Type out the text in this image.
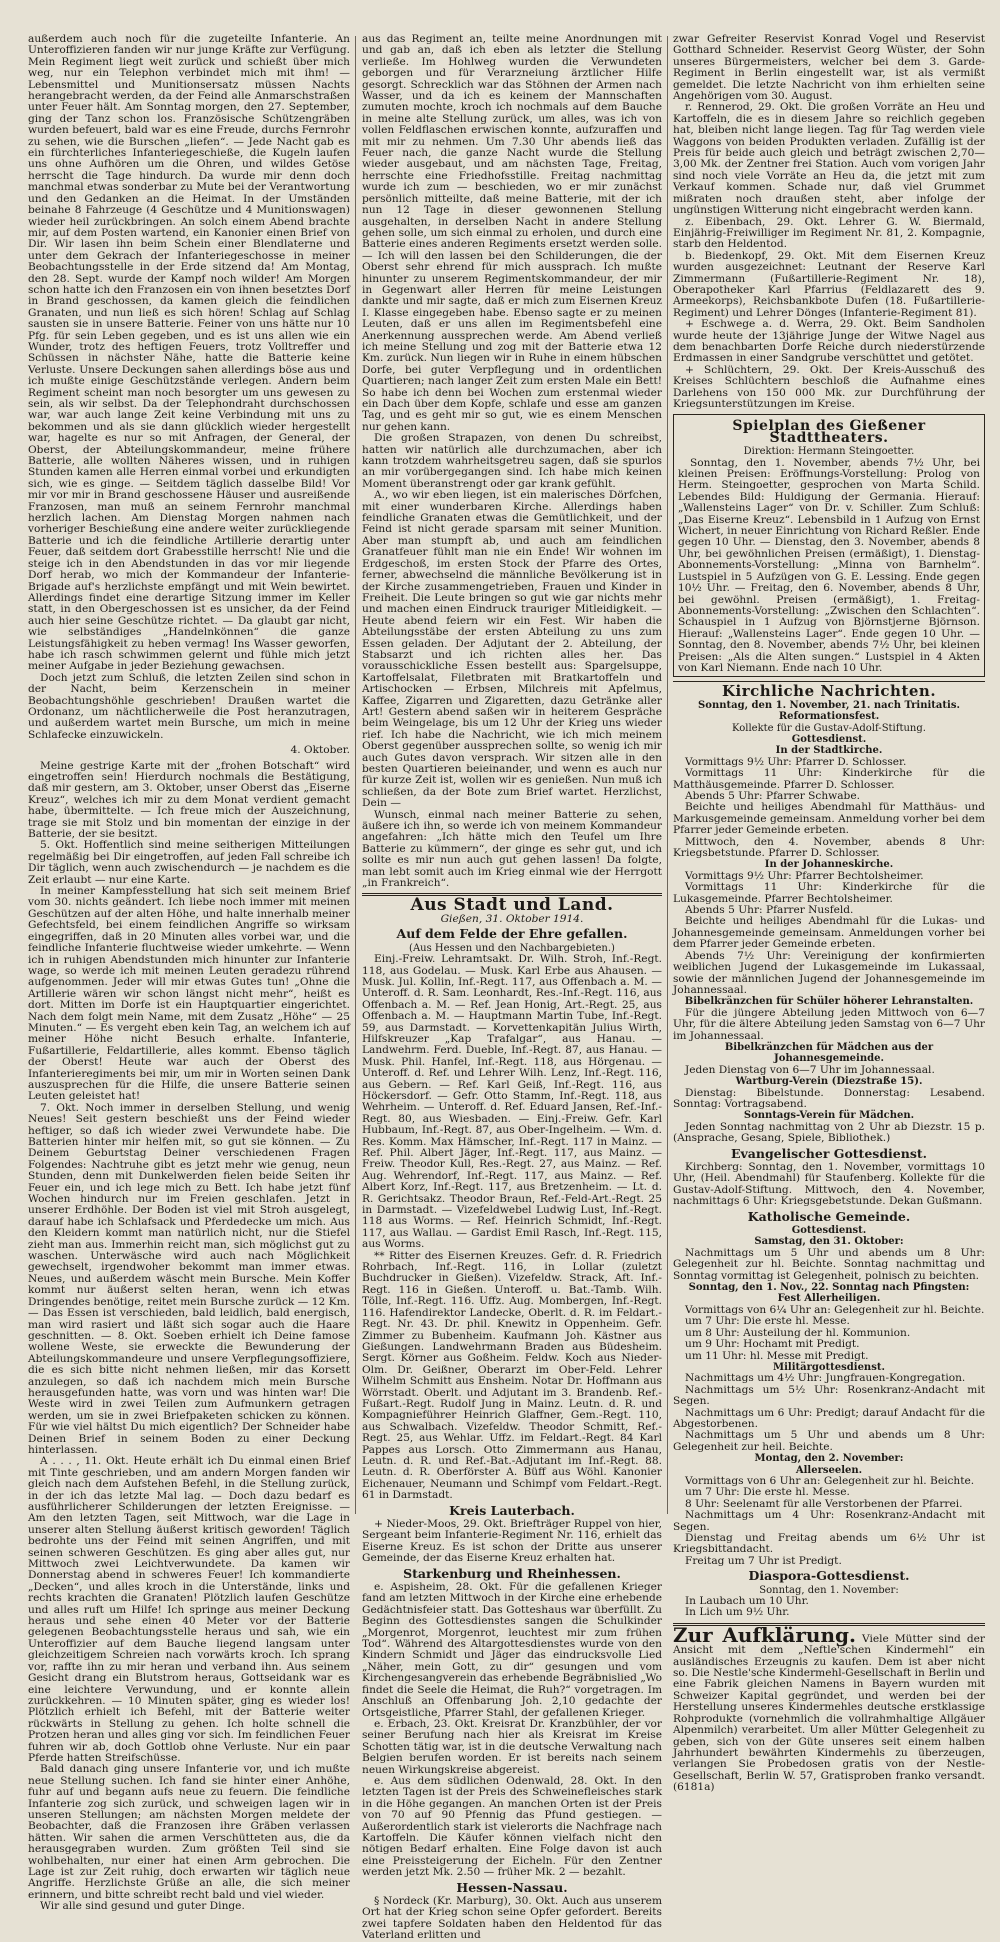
außerdem auch noch für die zugeteilte Infanterie. An Unteroffizieren fanden wir nur junge Kräfte zur Verfügung. Mein Regiment liegt weit zurück und schießt über mich weg, nur ein Telephon verbindet mich mit ihm! — Lebensmittel und Munitionsersatz müssen Nachts herangebracht werden, da der Feind alle Anmarschstraßen unter Feuer hält. Am Sonntag morgen, den 27. September, ging der Tanz schon los. Französische Schützengräben wurden befeuert, bald war es eine Freude, durchs Fernrohr zu sehen, wie die Burschen „liefen“. — Jede Nacht gab es ein fürchterliches Infanteriegeschieße, die Kugeln laufen uns ohne Aufhören um die Ohren, und wildes Getöse herrscht die Tage hindurch. Da wurde mir denn doch manchmal etwas sonderbar zu Mute bei der Verantwortung und den Gedanken an die Heimat. In der Umständen beinahe 8 Fahrzeuge (4 Geschütze und 4 Munitionswagen) wieder heil zurückbringen. An solch einem Abend brachte mir, auf dem Posten wartend, ein Kanonier einen Brief von Dir. Wir lasen ihn beim Schein einer Blendlaterne und unter dem Gekrach der Infanteriegeschosse in meiner Beobachtungsstelle in der Erde sitzend da! Am Montag, den 28. Sept. wurde der Kampf noch wilder! Am Morgen schon hatte ich den Franzosen ein von ihnen besetztes Dorf in Brand geschossen, da kamen gleich die feindlichen Granaten, und nun ließ es sich hören! Schlag auf Schlag sausten sie in unsere Batterie. Feiner von uns hätte nur 10 Pfg. für sein Leben gegeben, und es ist uns allen wie ein Wunder, trotz des heftigen Feuers, trotz Volltreffer und Schüssen in nächster Nähe, hatte die Batterie keine Verluste. Unsere Deckungen sahen allerdings böse aus und ich mußte einige Geschützstände verlegen. Andern beim Regiment scheint man noch besorgter um uns gewesen zu sein, als wir selbst. Da der Telephondraht durchschossen war, war auch lange Zeit keine Verbindung mit uns zu bekommen und als sie dann glücklich wieder hergestellt war, hagelte es nur so mit Anfragen, der General, der Oberst, der Abteilungskommandeur, meine frühere Batterie, alle wollten Näheres wissen, und in ruhigen Stunden kamen alle Herren einmal vorbei und erkundigten sich, wie es ginge. — Seitdem täglich dasselbe Bild! Vor mir vor mir in Brand geschossene Häuser und ausreißende Franzosen, man muß an seinem Fernrohr manchmal herzlich lachen. Am Dienstag Morgen nahmen nach vorheriger Beschießung eine andere weiter zurückliegende Batterie und ich die feindliche Artillerie derartig unter Feuer, daß seitdem dort Grabesstille herrscht! Nie und die steige ich in den Abendstunden in das vor mir liegende Dorf herab, wo mich der Kommandeur der Infanterie-Brigade auf's herzlichste empfängt und mit Wein bewirtet. Allerdings findet eine derartige Sitzung immer im Keller statt, in den Obergeschossen ist es unsicher, da der Feind auch hier seine Geschütze richtet. — Da glaubt gar nicht, wie selbständiges „Handelnkönnen“ die ganze Leistungsfähigkeit zu heben vermag! Ins Wasser geworfen, habe ich rasch schwimmen gelernt und fühle mich jetzt meiner Aufgabe in jeder Beziehung gewachsen.

Doch jetzt zum Schluß, die letzten Zeilen sind schon in der Nacht, beim Kerzenschein in meiner Beobachtungshöhle geschrieben! Draußen wartet die Ordonanz, um nächtlicherweile die Post heranzutragen, und außerdem wartet mein Bursche, um mich in meine Schlafecke einzuwickeln.

4. Oktober.

Meine gestrige Karte mit der „frohen Botschaft“ wird eingetroffen sein! Hierdurch nochmals die Bestätigung, daß mir gestern, am 3. Oktober, unser Oberst das „Eiserne Kreuz“, welches ich mir zu dem Monat verdient gemacht habe, übermittelte. — Ich freue mich der Auszeichnung, trage sie mit Stolz und bin momentan der einzige in der Batterie, der sie besitzt.

5. Okt. Hoffentlich sind meine seitherigen Mitteilungen regelmäßig bei Dir eingetroffen, auf jeden Fall schreibe ich Dir täglich, wenn auch zwischendurch — je nachdem es die Zeit erlaubt — nur eine Karte.

In meiner Kampfesstellung hat sich seit meinem Brief vom 30. nichts geändert. Ich liebe noch immer mit meinen Geschützen auf der alten Höhe, und halte innerhalb meiner Gefechtsfeld, bei einem feindlichen Angriffe so wirksam eingegriffen, daß in 20 Minuten alles vorbei war, und die feindliche Infanterie fluchtweise wieder umkehrte. — Wenn ich in ruhigen Abendstunden mich hinunter zur Infanterie wage, so werde ich mit meinen Leuten geradezu rührend aufgenommen. Jeder will mir etwas Gutes tun! „Ohne die Artillerie wären wir schon längst nicht mehr“, heißt es dort. Mitten im Dorfe ist ein Hauptquartier eingerichtet. Nach dem folgt mein Name, mit dem Zusatz „Höhe“ — 25 Minuten.“ — Es vergeht eben kein Tag, an welchem ich auf meiner Höhe nicht Besuch erhalte. Infanterie, Fußartillerie, Feldartillerie, alles kommt. Ebenso täglich der Oberst! Heute war auch der Oberst des Infanterieregiments bei mir, um mir in Worten seinen Dank auszusprechen für die Hilfe, die unsere Batterie seinen Leuten geleistet hat!

7. Okt. Noch immer in derselben Stellung, und wenig Neues! Seit gestern beschießt uns der Feind wieder heftiger, so daß ich wieder zwei Verwundete habe. Die Batterien hinter mir helfen mit, so gut sie können. — Zu Deinem Geburtstag Deiner verschiedenen Fragen Folgendes: Nachtruhe gibt es jetzt mehr wie genug, neun Stunden, denn mit Dunkelwerden fielen beide Seiten ihr Feuer ein, und ich lege mich zu Bett. Ich habe jetzt fünf Wochen hindurch nur im Freien geschlafen. Jetzt in unserer Erdhöhle. Der Boden ist viel mit Stroh ausgelegt, darauf habe ich Schlafsack und Pferdedecke um mich. Aus den Kleidern kommt man natürlich nicht, nur die Stiefel zieht man aus. Immerhin reicht man, sich möglichst gut zu waschen. Unterwäsche wird auch nach Möglichkeit gewechselt, irgendwoher bekommt man immer etwas. Neues, und außerdem wäscht mein Bursche. Mein Koffer kommt nur äußerst selten heran, wenn ich etwas Dringendes benötige, reitet mein Bursche zurück — 12 Km. — Das Essen ist verschieden, bald leidlich, bald energisch, man wird rasiert und läßt sich sogar auch die Haare geschnitten. — 8. Okt. Soeben erhielt ich Deine famose wollene Weste, sie erweckte die Bewunderung der Abteilungskommandeure und unsere Verpflegungsoffiziere, die es sich bitte nicht nehmen ließen, mir das Korsett anzulegen, so daß ich nachdem mich mein Bursche herausgefunden hatte, was vorn und was hinten war! Die Weste wird in zwei Teilen zum Aufmunkern getragen werden, um sie in zwei Briefpaketen schicken zu können. Für wie viel hältst Du mich eigentlich? Der Schneider habe Deinen Brief in seinem Boden zu einer Deckung hinterlassen.

A . . . , 11. Okt. Heute erhält ich Du einmal einen Brief mit Tinte geschrieben, und am andern Morgen fanden wir gleich nach dem Aufstehen Befehl, in die Stellung zurück, in der ich das letzte Mal lag. — Doch dazu bedarf es ausführlicherer Schilderungen der letzten Ereignisse. — Am den letzten Tagen, seit Mittwoch, war die Lage in unserer alten Stellung äußerst kritisch geworden! Täglich bedrohte uns der Feind mit seinen Angriffen, und mit seinen schweren Geschützen. Es ging aber alles gut, nur Mittwoch zwei Leichtverwundete. Da kamen wir Donnerstag abend in schweres Feuer! Ich kommandierte „Decken“, und alles kroch in die Unterstände, links und rechts krachten die Granaten! Plötzlich laufen Geschütze und alles ruft um Hilfe! Ich springe aus meiner Deckung heraus und sehe einen 40 Meter vor der Batterie gelegenen Beobachtungsstelle heraus und sah, wie ein Unteroffizier auf dem Bauche liegend langsam unter gleichzeitigem Schreien nach vorwärts kroch. Ich sprang vor, raffte ihn zu mir heran und verband ihn. Aus seinem Gesicht drang ein Blutstrom heraus, Gottseidank war es eine leichtere Verwundung, und er konnte allein zurückkehren. — 10 Minuten später, ging es wieder los! Plötzlich erhielt ich Befehl, mit der Batterie weiter rückwärts in Stellung zu gehen. Ich holte schnell die Protzen heran und alles ging vor sich. Im feindlichen Feuer fuhren wir ab, doch Gottlob ohne Verluste. Nur ein paar Pferde hatten Streifschüsse.

Bald danach ging unsere Infanterie vor, und ich mußte neue Stellung suchen. Ich fand sie hinter einer Anhöhe, fuhr auf und begann aufs neue zu feuern. Die feindliche Infanterie zog sich zurück, und schweigen lagen wir in unseren Stellungen; am nächsten Morgen meldete der Beobachter, daß die Franzosen ihre Gräben verlassen hätten. Wir sahen die armen Verschütteten aus, die da herausgegraben wurden. Zum größten Teil sind sie wohlbehalten, nur einer hat einen Arm gebrochen. Die Lage ist zur Zeit ruhig, doch erwarten wir täglich neue Angriffe. Herzlichste Grüße an alle, die sich meiner erinnern, und bitte schreibt recht bald und viel wieder.

Wir alle sind gesund und guter Dinge.

aus das Regiment an, teilte meine Anordnungen mit und gab an, daß ich eben als letzter die Stellung verließe. Im Hohlweg wurden die Verwundeten geborgen und für Verarzneiung ärztlicher Hilfe gesorgt. Schrecklich war das Stöhnen der Armen nach Wasser, und da ich es keinem der Mannschaften zumuten mochte, kroch ich nochmals auf dem Bauche in meine alte Stellung zurück, um alles, was ich von vollen Feldflaschen erwischen konnte, aufzuraffen und mit mir zu nehmen. Um 7.30 Uhr abends ließ das Feuer nach, die ganze Nacht wurde die Stellung wieder ausgebaut, und am nächsten Tage, Freitag, herrschte eine Friedhofsstille. Freitag nachmittag wurde ich zum — beschieden, wo er mir zunächst persönlich mitteilte, daß meine Batterie, mit der ich nun 12 Tage in dieser gewonnenen Stellung ausgehalten, in derselben Nacht in andere Stellung gehen solle, um sich einmal zu erholen, und durch eine Batterie eines anderen Regiments ersetzt werden solle. — Ich will den lassen bei den Schilderungen, die der Oberst sehr ehrend für mich aussprach. Ich mußte hinunter zu unserem Regimentskommandeur, der mir in Gegenwart aller Herren für meine Leistungen dankte und mir sagte, daß er mich zum Eisernen Kreuz I. Klasse eingegeben habe. Ebenso sagte er zu meinen Leuten, daß er uns allen im Regimentsbefehl eine Anerkennung aussprechen werde. Am Abend verließ ich meine Stellung und zog mit der Batterie etwa 12 Km. zurück. Nun liegen wir in Ruhe in einem hübschen Dorfe, bei guter Verpflegung und in ordentlichen Quartieren; nach langer Zeit zum ersten Male ein Bett! So habe ich denn bei Wochen zum erstenmal wieder ein Dach über dem Kopfe, schlafe und esse am ganzen Tag, und es geht mir so gut, wie es einem Menschen nur gehen kann.

Die großen Strapazen, von denen Du schreibst, hatten wir natürlich alle durchzumachen, aber ich kann trotzdem wahrheitsgetreu sagen, daß sie spurlos an mir vorübergegangen sind. Ich habe mich keinen Moment überanstrengt oder gar krank gefühlt.

A., wo wir eben liegen, ist ein malerisches Dörfchen, mit einer wunderbaren Kirche. Allerdings haben feindliche Granaten etwas die Gemütlichkeit, und der Feind ist nicht gerade sparsam mit seiner Munition. Aber man stumpft ab, und auch am feindlichen Granatfeuer fühlt man nie ein Ende! Wir wohnen im Erdgeschoß, im ersten Stock der Pfarre des Ortes, ferner, abwechselnd die männliche Bevölkerung ist in der Kirche zusammengetrieben, Frauen und Kinder in Freiheit. Die Leute bringen so gut wie gar nichts mehr und machen einen Eindruck trauriger Mitleidigkeit. — Heute abend feiern wir ein Fest. Wir haben die Abteilungsstäbe der ersten Abteilung zu uns zum Essen geladen. Der Adjutant der 2. Abteilung, der Stabsarzt und ich richten alles her. Das vorausschickliche Essen bestellt aus: Spargelsuppe, Kartoffelsalat, Filetbraten mit Bratkartoffeln und Artischocken — Erbsen, Milchreis mit Apfelmus, Kaffee, Zigarren und Zigaretten, dazu Getränke aller Art! Gestern abend saßen wir in heiterem Gespräche beim Weingelage, bis um 12 Uhr der Krieg uns wieder rief. Ich habe die Nachricht, wie ich mich meinem Oberst gegenüber aussprechen sollte, so wenig ich mir auch Gutes davon versprach. Wir sitzen alle in den besten Quartieren beieinander, und wenn es auch nur für kurze Zeit ist, wollen wir es genießen. Nun muß ich schließen, da der Bote zum Brief wartet. Herzlichst, Dein —

Wunsch, einmal nach meiner Batterie zu sehen, äußere ich ihn, so werde ich von meinem Kommandeur angefahren: „Ich hätte mich den Teufel um Ihre Batterie zu kümmern“, der ginge es sehr gut, und ich sollte es mir nun auch gut gehen lassen! Da folgte, man lebt somit auch im Krieg einmal wie der Herrgott „in Frankreich“.

Aus Stadt und Land.
Gießen, 31. Oktober 1914.
Auf dem Felde der Ehre gefallen.
(Aus Hessen und den Nachbargebieten.)

Einj.-Freiw. Lehramtsakt. Dr. Wilh. Stroh, Inf.-Regt. 118, aus Godelau. — Musk. Karl Erbe aus Ahausen. — Musk. Jul. Kollin, Inf.-Regt. 117, aus Offenbach a. M. — Unteroff. d. R. Sam. Leonhardt, Res.-Inf.-Regt. 116, aus Offenbach a. M. — Ref. Jean Honig, Art.-Regt. 25, aus Offenbach a. M. — Hauptmann Martin Tube, Inf.-Regt. 59, aus Darmstadt. — Korvettenkapitän Julius Wirth, Hilfskreuzer „Kap Trafalgar“, aus Hanau. — Landwehrm. Ferd. Dueble, Inf.-Regt. 87, aus Hanau. — Musk. Phil. Hanfel, Inf.-Regt. 118, aus Hörgenau. — Unteroff. d. Ref. und Lehrer Wilh. Lenz, Inf.-Regt. 116, aus Gebern. — Ref. Karl Geiß, Inf.-Regt. 116, aus Höckersdorf. — Gefr. Otto Stamm, Inf.-Regt. 118, aus Wehrheim. — Unteroff. d. Ref. Eduard Jansen, Ref.-Inf.-Regt. 80, aus Wiesbaden. — Einj.-Freiw. Gefr. Karl Hubbaum, Inf.-Regt. 87, aus Ober-Ingelheim. — Wm. d. Res. Komm. Max Hämscher, Inf.-Regt. 117 in Mainz. — Ref. Phil. Albert Jäger, Inf.-Regt. 117, aus Mainz. — Freiw. Theodor Kull, Res.-Regt. 27, aus Mainz. — Ref. Aug. Wehrendorf, Inf.-Regt. 117, aus Mainz. — Ref. Albert Korz, Inf.-Regt. 117, aus Bretzenheim. — Lt. d. R. Gerichtsakz. Theodor Braun, Ref.-Feld-Art.-Regt. 25 in Darmstadt. — Vizefeldwebel Ludwig Lust, Inf.-Regt. 118 aus Worms. — Ref. Heinrich Schmidt, Inf.-Regt. 117, aus Wallau. — Gardist Emil Rasch, Inf.-Regt. 115, aus Worms.

** Ritter des Eisernen Kreuzes. Gefr. d. R. Friedrich Rohrbach, Inf.-Regt. 116, in Lollar (zuletzt Buchdrucker in Gießen). Vizefeldw. Strack, Aft. Inf.-Regt. 116 in Gießen. Unteroff. u. Bat.-Tamb. Wilh. Tölle, Inf.-Regt. 116. Uffz. Aug. Mombergen, Inf.-Regt. 116. Hafendirektor Landecke, Oberlt. d. R. im Feldart.-Regt. Nr. 43. Dr. phil. Knewitz in Oppenheim. Gefr. Zimmer zu Bubenheim. Kaufmann Joh. Kästner aus Gießungen. Landwehrmann Braden aus Büdesheim. Sergt. Körner aus Goßheim. Feldw. Koch aus Nieder-Olm. Dr. Geißner, Oberarzt im Ober-Feld. Lehrer Wilhelm Schmitt aus Ensheim. Notar Dr. Hoffmann aus Wörrstadt. Oberlt. und Adjutant im 3. Brandenb. Ref.-Fußart.-Regt. Rudolf Jung in Mainz. Leutn. d. R. und Kompagnieführer Heinrich Glaffner, Gem.-Regt. 110, aus Schwalbach. Vizefeldw. Theodor Schmitt, Ref.-Regt. 25, aus Wehlar. Uffz. im Feldart.-Regt. 84 Karl Pappes aus Lorsch. Otto Zimmermann aus Hanau, Leutn. d. R. und Ref.-Bat.-Adjutant im Inf.-Regt. 88. Leutn. d. R. Oberförster A. Büff aus Wöhl. Kanonier Eichenauer, Neumann und Schimpf vom Feldart.-Regt. 61 in Darmstadt.

Kreis Lauterbach.

+ Nieder-Moos, 29. Okt. Briefträger Ruppel von hier, Sergeant beim Infanterie-Regiment Nr. 116, erhielt das Eiserne Kreuz. Es ist schon der Dritte aus unserer Gemeinde, der das Eiserne Kreuz erhalten hat.

Starkenburg und Rheinhessen.

e. Aspisheim, 28. Okt. Für die gefallenen Krieger fand am letzten Mittwoch in der Kirche eine erhebende Gedächtnisfeier statt. Das Gotteshaus war überfüllt. Zu Beginn des Gottesdienstes sangen die Schulkinder „Morgenrot, Morgenrot, leuchtest mir zum frühen Tod“. Während des Altargottesdienstes wurde von den Kindern Schmidt und Jäger das eindrucksvolle Lied „Näher, mein Gott, zu dir“ gesungen und vom Kirchengesangverein das erhebende Begräbnislied „Wo findet die Seele die Heimat, die Ruh?“ vorgetragen. Im Anschluß an Offenbarung Joh. 2,10 gedachte der Ortsgeistliche, Pfarrer Stahl, der gefallenen Krieger.

e. Erbach, 23. Okt. Kreisrat Dr. Kranzbühler, der vor seiner Berufung nach hier als Kreisrat im Kreise Schotten tätig war, ist in die deutsche Verwaltung nach Belgien berufen worden. Er ist bereits nach seinem neuen Wirkungskreise abgereist.

e. Aus dem südlichen Odenwald, 28. Okt. In den letzten Tagen ist der Preis des Schweinefleisches stark in die Höhe gegangen. An manchen Orten ist der Preis von 70 auf 90 Pfennig das Pfund gestiegen. — Außerordentlich stark ist vielerorts die Nachfrage nach Kartoffeln. Die Käufer können vielfach nicht den nötigen Bedarf erhalten. Eine Folge davon ist auch eine Preissteigerung der Eicheln. Für den Zentner werden jetzt Mk. 2.50 — früher Mk. 2 — bezahlt.

Hessen-Nassau.

§ Nordeck (Kr. Marburg), 30. Okt. Auch aus unserem Ort hat der Krieg schon seine Opfer gefordert. Bereits zwei tapfere Soldaten haben den Heldentod für das Vaterland erlitten und

zwar Gefreiter Reservist Konrad Vogel und Reservist Gotthard Schneider. Reservist Georg Wüster, der Sohn unseres Bürgermeisters, welcher bei dem 3. Garde-Regiment in Berlin eingestellt war, ist als vermißt gemeldet. Die letzte Nachricht von ihm erhielten seine Angehörigen vom 30. August.

r. Rennerod, 29. Okt. Die großen Vorräte an Heu und Kartoffeln, die es in diesem Jahre so reichlich gegeben hat, bleiben nicht lange liegen. Tag für Tag werden viele Waggons von beiden Produkten verladen. Zufällig ist der Preis für beide auch gleich und beträgt zwischen 2,70—3,00 Mk. der Zentner frei Station. Auch vom vorigen Jahr sind noch viele Vorräte an Heu da, die jetzt mit zum Verkauf kommen. Schade nur, daß viel Grummet mißraten noch draußen steht, aber infolge der ungünstigen Witterung nicht eingebracht werden kann.

z. Eibenbach, 29. Okt. Lehrer G. W. Biermald, Einjährig-Freiwilliger im Regiment Nr. 81, 2. Kompagnie, starb den Heldentod.

b. Biedenkopf, 29. Okt. Mit dem Eisernen Kreuz wurden ausgezeichnet: Leutnant der Reserve Karl Zimmermann (Fußartillerie-Regiment Nr. 18), Oberapotheker Karl Pfarrius (Feldlazarett des 9. Armeekorps), Reichsbankbote Dufen (18. Fußartillerie-Regiment) und Lehrer Dönges (Infanterie-Regiment 81).

+ Eschwege a. d. Werra, 29. Okt. Beim Sandholen wurde heute der 13jährige Junge der Witwe Nagel aus dem benachbarten Dorfe Reiche durch niederstürzende Erdmassen in einer Sandgrube verschüttet und getötet.

+ Schlüchtern, 29. Okt. Der Kreis-Ausschuß des Kreises Schlüchtern beschloß die Aufnahme eines Darlehens von 150 000 Mk. zur Durchführung der Kriegsunterstützungen im Kreise.

Spielplan des Gießener Stadttheaters.
Direktion: Hermann Steingoetter.

Sonntag, den 1. November, abends 7½ Uhr, bei kleinen Preisen: Eröffnungs-Vorstellung: Prolog von Herm. Steingoetter, gesprochen von Marta Schild. Lebendes Bild: Huldigung der Germania. Hierauf: „Wallensteins Lager“ von Dr. v. Schiller. Zum Schluß: „Das Eiserne Kreuz“. Lebensbild in 1 Aufzug von Ernst Wichert, in neuer Einrichtung von Richard Reßler. Ende gegen 10 Uhr. — Dienstag, den 3. November, abends 8 Uhr, bei gewöhnlichen Preisen (ermäßigt), 1. Dienstag-Abonnements-Vorstellung: „Minna von Barnhelm“. Lustspiel in 5 Aufzügen von G. E. Lessing. Ende gegen 10½ Uhr. — Freitag, den 6. November, abends 8 Uhr, bei gewöhnl. Preisen (ermäßigt), 1. Freitag-Abonnements-Vorstellung: „Zwischen den Schlachten“. Schauspiel in 1 Aufzug von Björnstjerne Björnson. Hierauf: „Wallensteins Lager“. Ende gegen 10 Uhr. — Sonntag, den 8. November, abends 7½ Uhr, bei kleinen Preisen: „Als die Alten sungen.“ Lustspiel in 4 Akten von Karl Niemann. Ende nach 10 Uhr.

Kirchliche Nachrichten.
Sonntag, den 1. November, 21. nach Trinitatis.
Reformationsfest.
Kollekte für die Gustav-Adolf-Stiftung.
Gottesdienst.
In der Stadtkirche.

Vormittags 9½ Uhr: Pfarrer D. Schlosser.

Vormittags 11 Uhr: Kinderkirche für die Matthäusgemeinde. Pfarrer D. Schlosser.

Abends 5 Uhr: Pfarrer Schwabe.

Beichte und heiliges Abendmahl für Matthäus- und Markusgemeinde gemeinsam. Anmeldung vorher bei dem Pfarrer jeder Gemeinde erbeten.

Mittwoch, den 4. November, abends 8 Uhr: Kriegsbetstunde. Pfarrer D. Schlosser.

In der Johanneskirche.

Vormittags 9½ Uhr: Pfarrer Bechtolsheimer.

Vormittags 11 Uhr: Kinderkirche für die Lukasgemeinde. Pfarrer Bechtolsheimer.

Abends 5 Uhr: Pfarrer Nusfeld.

Beichte und heiliges Abendmahl für die Lukas- und Johannesgemeinde gemeinsam. Anmeldungen vorher bei dem Pfarrer jeder Gemeinde erbeten.

Abends 7½ Uhr: Vereinigung der konfirmierten weiblichen Jugend der Lukasgemeinde im Lukassaal, sowie der männlichen Jugend der Johannesgemeinde im Johannessaal.

Bibelkränzchen für Schüler höherer Lehranstalten.

Für die jüngere Abteilung jeden Mittwoch von 6—7 Uhr, für die ältere Abteilung jeden Samstag von 6—7 Uhr im Johannessaal.

Bibelkränzchen für Mädchen aus der Johannesgemeinde.

Jeden Dienstag von 6—7 Uhr im Johannessaal.

Wartburg-Verein (Diezstraße 15).

Dienstag: Bibelstunde. Donnerstag: Lesabend. Sonntag: Vortragsabend.

Sonntags-Verein für Mädchen.

Jeden Sonntag nachmittag von 2 Uhr ab Diezstr. 15 p. (Ansprache, Gesang, Spiele, Bibliothek.)

Evangelischer Gottesdienst.

Kirchberg: Sonntag, den 1. November, vormittags 10 Uhr, (Heil. Abendmahl) für Staufenberg. Kollekte für die Gustav-Adolf-Stiftung. Mittwoch, den 4. November, nachmittags 6 Uhr: Kriegsgebetstunde. Dekan Gußmann.

Katholische Gemeinde.
Gottesdienst.
Samstag, den 31. Oktober:

Nachmittags um 5 Uhr und abends um 8 Uhr: Gelegenheit zur hl. Beichte. Sonntag nachmittag und Sonntag vormittag ist Gelegenheit, polnisch zu beichten.

Sonntag, den 1. Nov., 22. Sonntag nach Pfingsten:
Fest Allerheiligen.

Vormittags von 6¼ Uhr an: Gelegenheit zur hl. Beichte.

um 7 Uhr: Die erste hl. Messe.

um 8 Uhr: Austeilung der hl. Kommunion.

um 9 Uhr: Hochamt mit Predigt.

um 11 Uhr: hl. Messe mit Predigt.

Militärgottesdienst.

Nachmittags um 4½ Uhr: Jungfrauen-Kongregation.

Nachmittags um 5½ Uhr: Rosenkranz-Andacht mit Segen.

Nachmittags um 6 Uhr: Predigt; darauf Andacht für die Abgestorbenen.

Nachmittags um 5 Uhr und abends um 8 Uhr: Gelegenheit zur heil. Beichte.

Montag, den 2. November:
Allerseelen.

Vormittags von 6 Uhr an: Gelegenheit zur hl. Beichte.

um 7 Uhr: Die erste hl. Messe.

8 Uhr: Seelenamt für alle Verstorbenen der Pfarrei.

Nachmittags um 4 Uhr: Rosenkranz-Andacht mit Segen.

Dienstag und Freitag abends um 6½ Uhr ist Kriegsbittandacht.

Freitag um 7 Uhr ist Predigt.

Diaspora-Gottesdienst.
Sonntag, den 1. November:

In Laubach um 10 Uhr.

In Lich um 9½ Uhr.

Zur Aufklärung. Viele Mütter sind der Ansicht mit dem „Neftle'schen Kindermehl“ ein ausländisches Erzeugnis zu kaufen. Dem ist aber nicht so. Die Nestle'sche Kindermehl-Gesellschaft in Berlin und eine Fabrik gleichen Namens in Bayern wurden mit Schweizer Kapital gegründet, und werden bei der Herstellung unseres Kindermehles deutsche erstklassige Rohprodukte (vornehmlich die vollrahmhaltige Allgäuer Alpenmilch) verarbeitet. Um aller Mütter Gelegenheit zu geben, sich von der Güte unseres seit einem halben Jahrhundert bewährten Kindermehls zu überzeugen, verlangen Sie Probedosen gratis von der Nestle-Gesellschaft, Berlin W. 57, Gratisproben franko versandt. (6181a)
